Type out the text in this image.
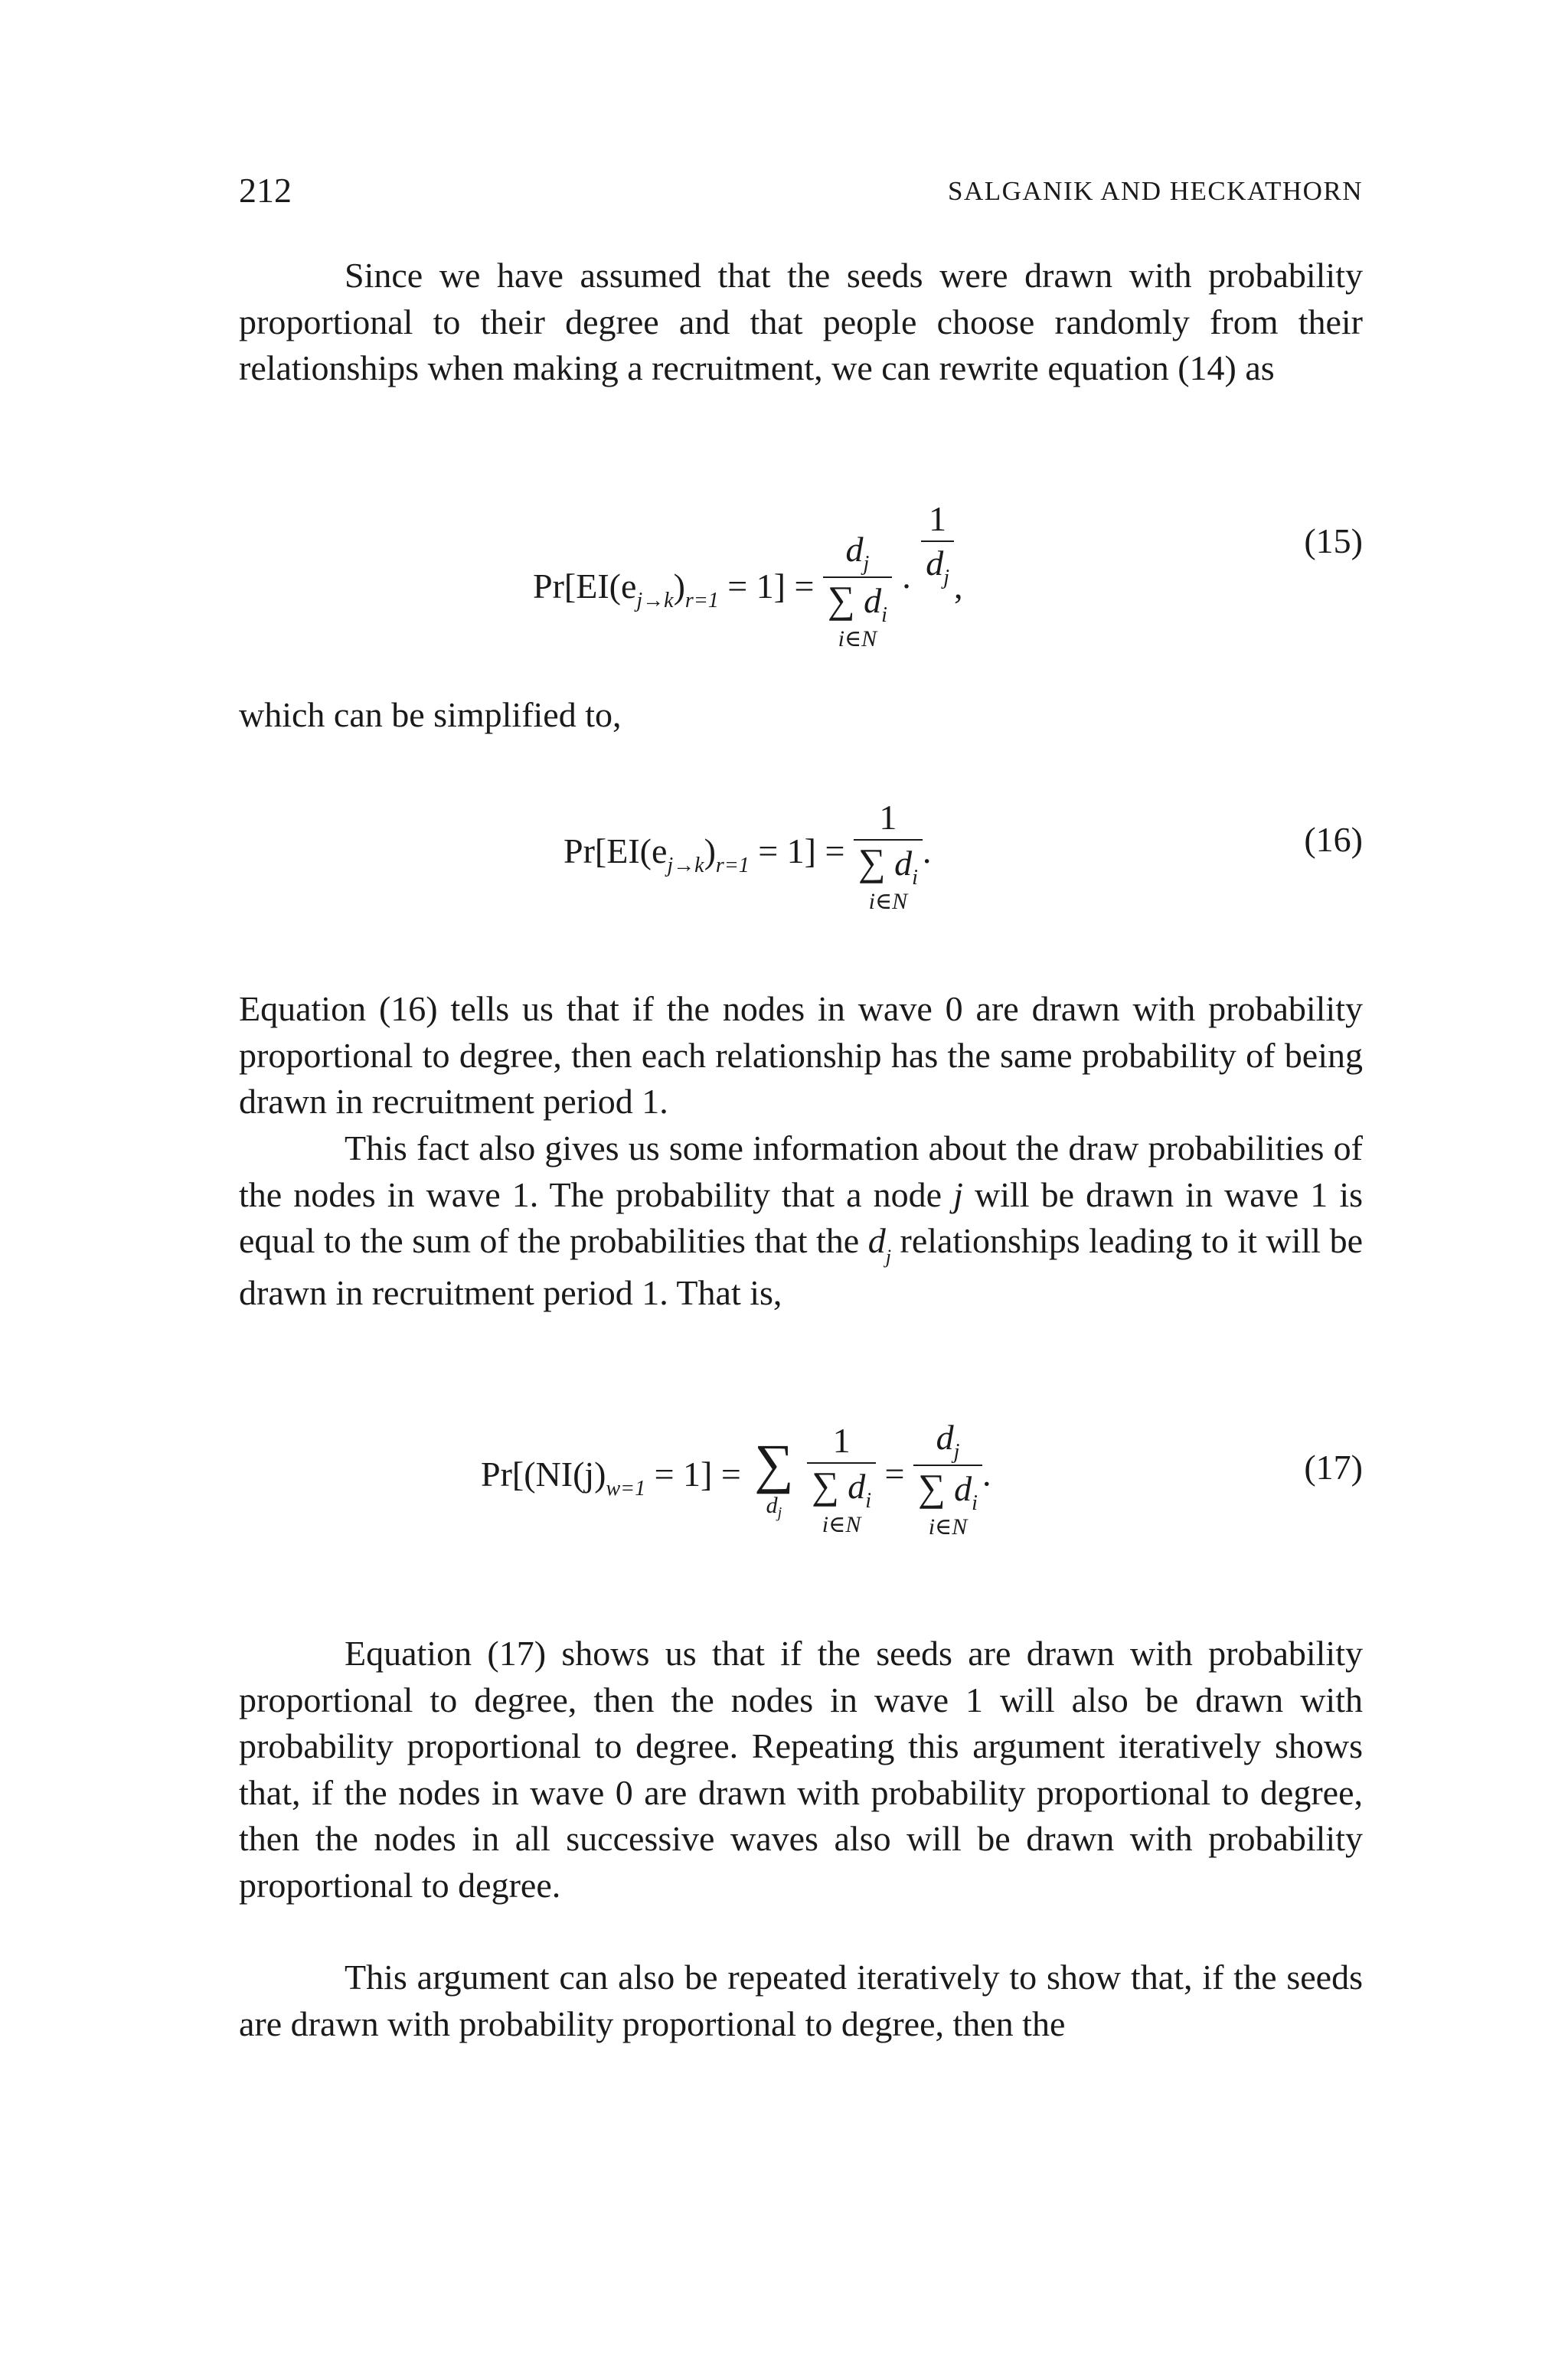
212	SALGANIK AND HECKATHORN

Since we have assumed that the seeds were drawn with probability proportional to their degree and that people choose randomly from their relationships when making a recruitment, we can rewrite equation (14) as

$Pr[EI(e_{j\to k})_{r=1} = 1] = d_j$
∑ $d_i$
i∈N · $\frac{1}{d_j}$ ,
(15)

which can be simplified to,

$Pr[EI(e_{j\to k})_{r=1} = 1] = 1$
∑ $d_i$
i∈N .	(16)

Equation (16) tells us that if the nodes in wave 0 are drawn with probability proportional to degree, then each relationship has the same probability of being drawn in recruitment period 1.

This fact also gives us some information about the draw probabilities of the nodes in wave 1. The probability that a node j will be drawn in wave 1 is equal to the sum of the probabilities that the $d_j$ relationships leading to it will be drawn in recruitment period 1. That is,

$Pr[(NI(j)_{w=1} = 1]$ = ∑
$d_j$
1
∑ $d_i$
i∈N = $d_j$
∑ $d_i$
i∈N .	(17)

Equation (17) shows us that if the seeds are drawn with probability proportional to degree, then the nodes in wave 1 will also be drawn with probability proportional to degree. Repeating this argument iteratively shows that, if the nodes in wave 0 are drawn with probability proportional to degree, then the nodes in all successive waves also will be drawn with probability proportional to degree.

This argument can also be repeated iteratively to show that, if the seeds are drawn with probability proportional to degree, then the
